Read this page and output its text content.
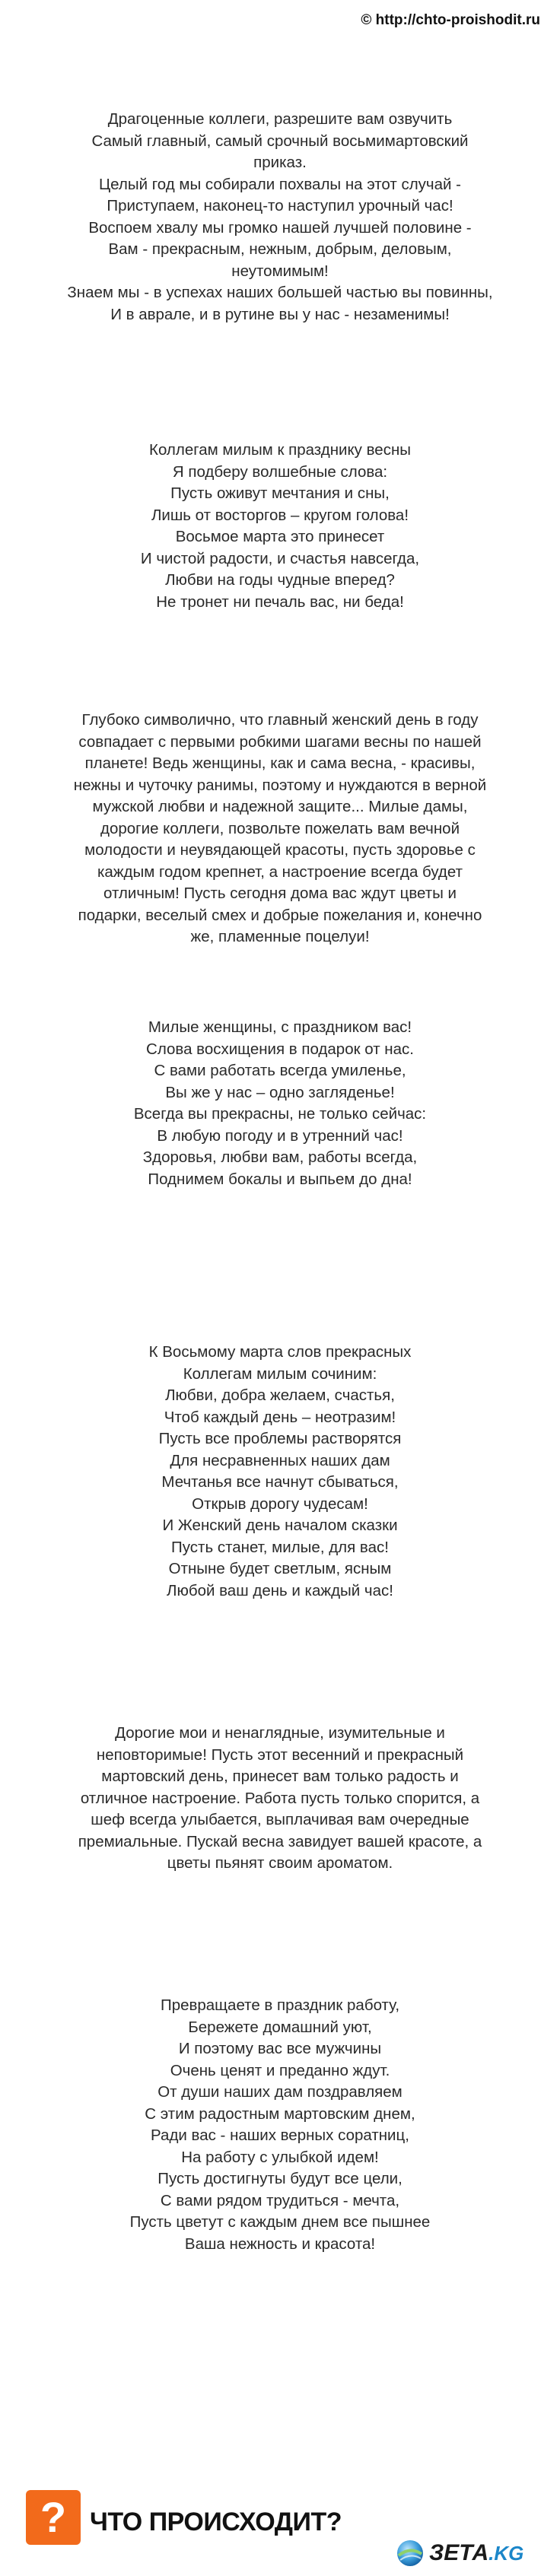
© http://chto-proishodit.ru
Драгоценные коллеги, разрешите вам озвучить
Самый главный, самый срочный восьмимартовский
приказ.
Целый год мы собирали похвалы на этот случай -
Приступаем, наконец-то наступил урочный час!
Воспоем хвалу мы громко нашей лучшей половине -
Вам - прекрасным, нежным, добрым, деловым,
неутомимым!
Знаем мы - в успехах наших большей частью вы повинны,
И в аврале, и в рутине вы у нас - незаменимы!
Коллегам милым к празднику весны
Я подберу волшебные слова:
Пусть оживут мечтания и сны,
Лишь от восторгов – кругом голова!
Восьмое марта это принесет
И чистой радости, и счастья навсегда,
Любви на годы чудные вперед?
Не тронет ни печаль вас, ни беда!
Глубоко символично, что главный женский день в году
совпадает с первыми робкими шагами весны по нашей
планете! Ведь женщины, как и сама весна, - красивы,
нежны и чуточку ранимы, поэтому и нуждаются в верной
мужской любви и надежной защите... Милые дамы,
дорогие коллеги, позвольте пожелать вам вечной
молодости и неувядающей красоты, пусть здоровье с
каждым годом крепнет, а настроение всегда будет
отличным! Пусть сегодня дома вас ждут цветы и
подарки, веселый смех и добрые пожелания и, конечно
же, пламенные поцелуи!
Милые женщины, с праздником вас!
Слова восхищения в подарок от нас.
С вами работать всегда умиленье,
Вы же у нас – одно загляденье!
Всегда вы прекрасны, не только сейчас:
В любую погоду и в утренний час!
Здоровья, любви вам, работы всегда,
Поднимем бокалы и выпьем до дна!
К Восьмому марта слов прекрасных
Коллегам милым сочиним:
Любви, добра желаем, счастья,
Чтоб каждый день – неотразим!
Пусть все проблемы растворятся
Для несравненных наших дам
Мечтанья все начнут сбываться,
Открыв дорогу чудесам!
И Женский день началом сказки
Пусть станет, милые, для вас!
Отныне будет светлым, ясным
Любой ваш день и каждый час!
Дорогие мои и ненаглядные, изумительные и
неповторимые! Пусть этот весенний и прекрасный
мартовский день, принесет вам только радость и
отличное настроение. Работа пусть только спорится, а
шеф всегда улыбается, выплачивая вам очередные
премиальные. Пускай весна завидует вашей красоте, а
цветы пьянят своим ароматом.
Превращаете в праздник работу,
Бережете домашний уют,
И поэтому вас все мужчины
Очень ценят и преданно ждут.
От души наших дам поздравляем
С этим радостным мартовским днем,
Ради вас - наших верных соратниц,
На работу с улыбкой идем!
Пусть достигнуты будут все цели,
С вами рядом трудиться - мечта,
Пусть цветут с каждым днем все пышнее
Ваша нежность и красота!
? ЧТО ПРОИСХОДИТ?
ЗЕТА.KG
